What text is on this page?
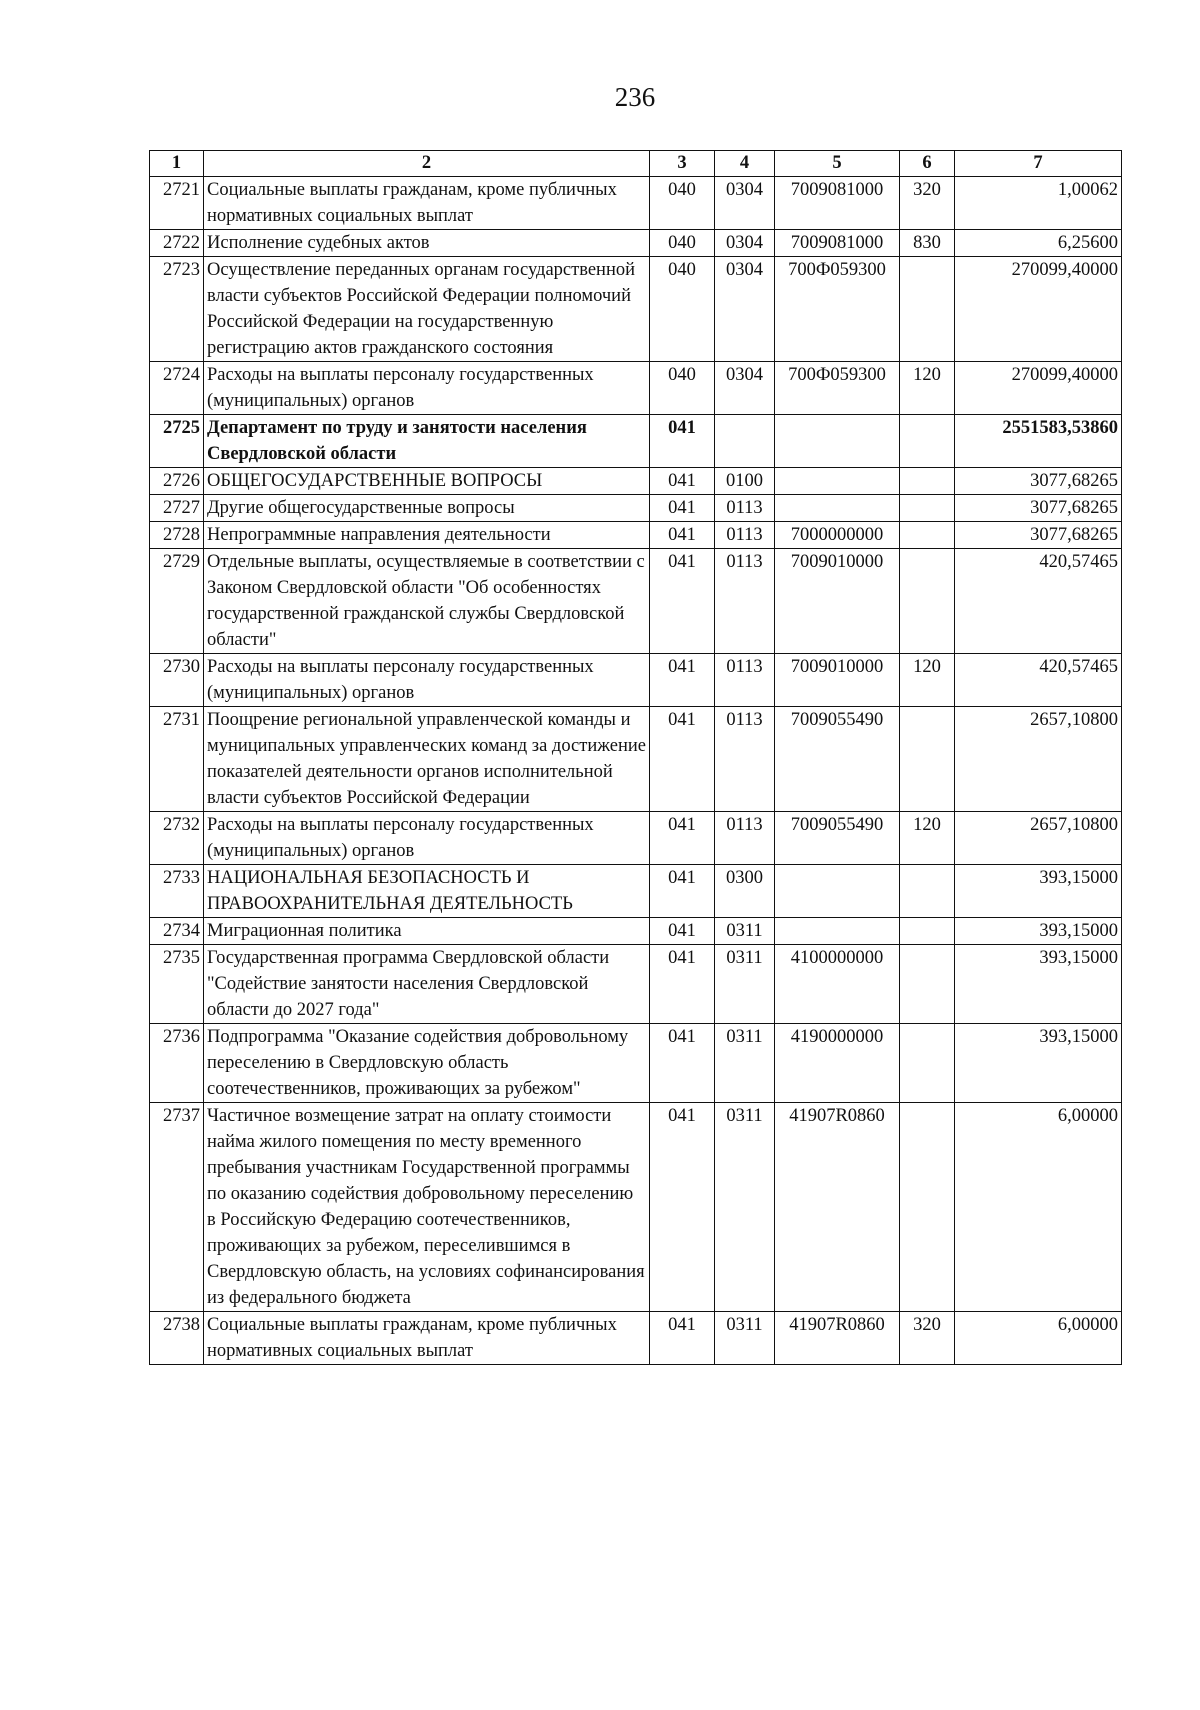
236
1	2	3	4	5	6	7
2721	Социальные выплаты гражданам, кроме публичных нормативных социальных выплат	040	0304	7009081000	320	1,00062
2722	Исполнение судебных актов	040	0304	7009081000	830	6,25600
2723	Осуществление переданных органам государственной власти субъектов Российской Федерации полномочий Российской Федерации на государственную регистрацию актов гражданского состояния	040	0304	700Ф059300		270099,40000
2724	Расходы на выплаты персоналу государственных (муниципальных) органов	040	0304	700Ф059300	120	270099,40000
2725	Департамент по труду и занятости населения Свердловской области	041				2551583,53860
2726	ОБЩЕГОСУДАРСТВЕННЫЕ ВОПРОСЫ	041	0100			3077,68265
2727	Другие общегосударственные вопросы	041	0113			3077,68265
2728	Непрограммные направления деятельности	041	0113	7000000000		3077,68265
2729	Отдельные выплаты, осуществляемые в соответствии с Законом Свердловской области "Об особенностях государственной гражданской службы Свердловской области"	041	0113	7009010000		420,57465
2730	Расходы на выплаты персоналу государственных (муниципальных) органов	041	0113	7009010000	120	420,57465
2731	Поощрение региональной управленческой команды и муниципальных управленческих команд за достижение показателей деятельности органов исполнительной власти субъектов Российской Федерации	041	0113	7009055490		2657,10800
2732	Расходы на выплаты персоналу государственных (муниципальных) органов	041	0113	7009055490	120	2657,10800
2733	НАЦИОНАЛЬНАЯ БЕЗОПАСНОСТЬ И ПРАВООХРАНИТЕЛЬНАЯ ДЕЯТЕЛЬНОСТЬ	041	0300			393,15000
2734	Миграционная политика	041	0311			393,15000
2735	Государственная программа Свердловской области "Содействие занятости населения Свердловской области до 2027 года"	041	0311	4100000000		393,15000
2736	Подпрограмма "Оказание содействия добровольному переселению в Свердловскую область соотечественников, проживающих за рубежом"	041	0311	4190000000		393,15000
2737	Частичное возмещение затрат на оплату стоимости найма жилого помещения по месту временного пребывания участникам Государственной программы по оказанию содействия добровольному переселению в Российскую Федерацию соотечественников, проживающих за рубежом, переселившимся в Свердловскую область, на условиях софинансирования из федерального бюджета	041	0311	41907R0860		6,00000
2738	Социальные выплаты гражданам, кроме публичных нормативных социальных выплат	041	0311	41907R0860	320	6,00000
